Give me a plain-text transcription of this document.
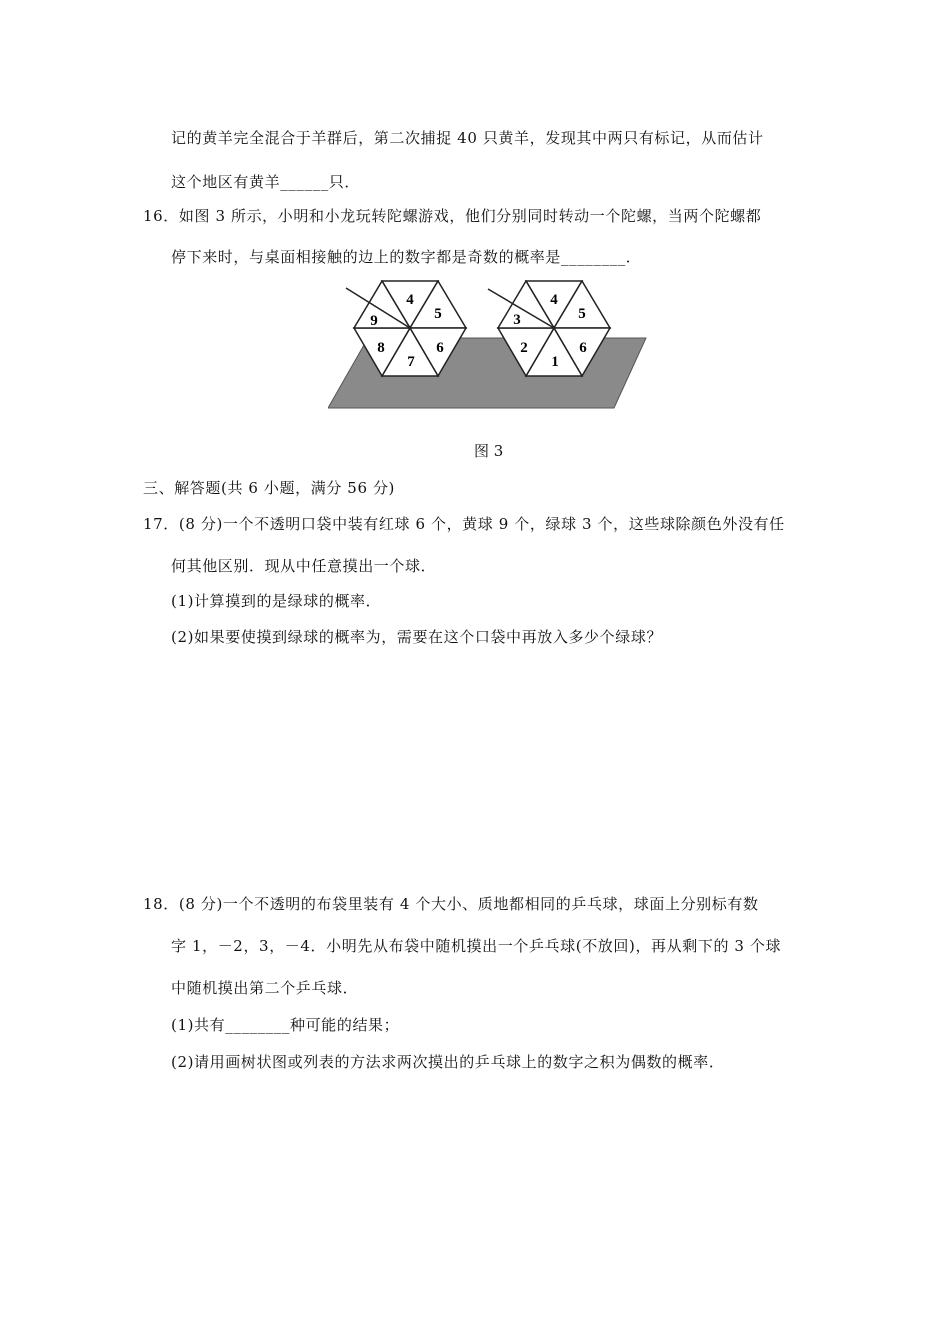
记的黄羊完全混合于羊群后，第二次捕捉 40 只黄羊，发现其中两只有标记，从而估计
这个地区有黄羊______只．
16．如图 3 所示，小明和小龙玩转陀螺游戏，他们分别同时转动一个陀螺，当两个陀螺都
停下来时，与桌面相接触的边上的数字都是奇数的概率是________．
4
5
9
8
7
6
4
5
3
2
1
6
图 3
三、解答题(共 6 小题，满分 56 分)
17．(8 分)一个不透明口袋中装有红球 6 个，黄球 9 个，绿球 3 个，这些球除颜色外没有任
何其他区别．现从中任意摸出一个球．
(1)计算摸到的是绿球的概率．
(2)如果要使摸到绿球的概率为，需要在这个口袋中再放入多少个绿球？
18．(8 分)一个不透明的布袋里装有 4 个大小、质地都相同的乒乓球，球面上分别标有数
字 1，－2，3，－4．小明先从布袋中随机摸出一个乒乓球(不放回)，再从剩下的 3 个球
中随机摸出第二个乒乓球．
(1)共有________种可能的结果；
(2)请用画树状图或列表的方法求两次摸出的乒乓球上的数字之积为偶数的概率．
